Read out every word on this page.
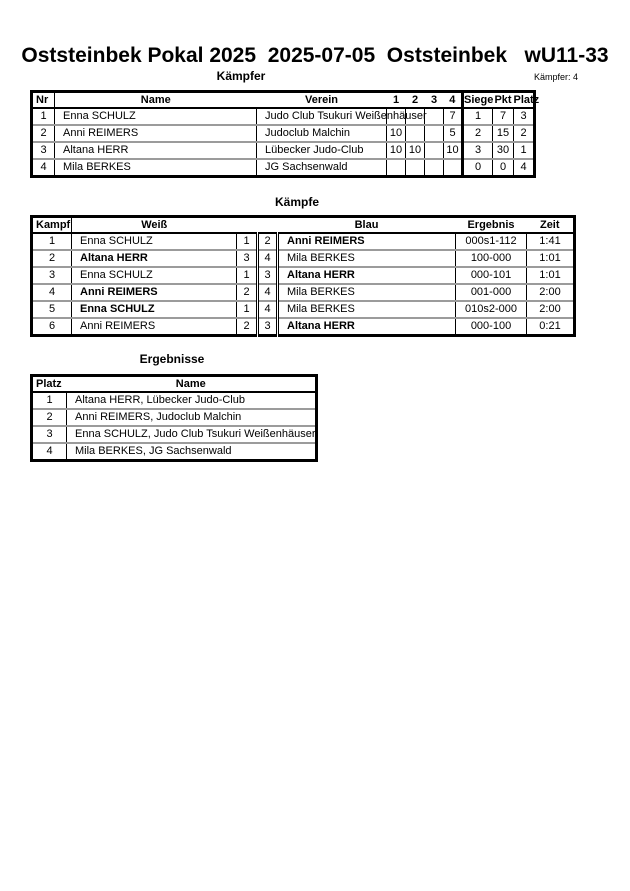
Oststeinbek Pokal 2025  2025-07-05  Oststeinbek   wU11-33
Kämpfer	Kämpfer: 4
Nr	Name	Verein	1	2	3	4	Siege	Pkt	Platz
1	Enna SCHULZ	Judo Club Tsukuri Weißenhäuser				7	1	7	3
2	Anni REIMERS	Judoclub Malchin	10			5	2	15	2
3	Altana HERR	Lübecker Judo-Club	10	10		10	3	30	1
4	Mila BERKES	JG Sachsenwald					0	0	4
Kämpfe
Kampf	Weiß			Blau	Ergebnis	Zeit
1	Enna SCHULZ	1	2	Anni REIMERS	000s1-112	1:41
2	Altana HERR	3	4	Mila BERKES	100-000	1:01
3	Enna SCHULZ	1	3	Altana HERR	000-101	1:01
4	Anni REIMERS	2	4	Mila BERKES	001-000	2:00
5	Enna SCHULZ	1	4	Mila BERKES	010s2-000	2:00
6	Anni REIMERS	2	3	Altana HERR	000-100	0:21
Ergebnisse
Platz	Name
1	Altana HERR, Lübecker Judo-Club
2	Anni REIMERS, Judoclub Malchin
3	Enna SCHULZ, Judo Club Tsukuri Weißenhäuser
4	Mila BERKES, JG Sachsenwald
